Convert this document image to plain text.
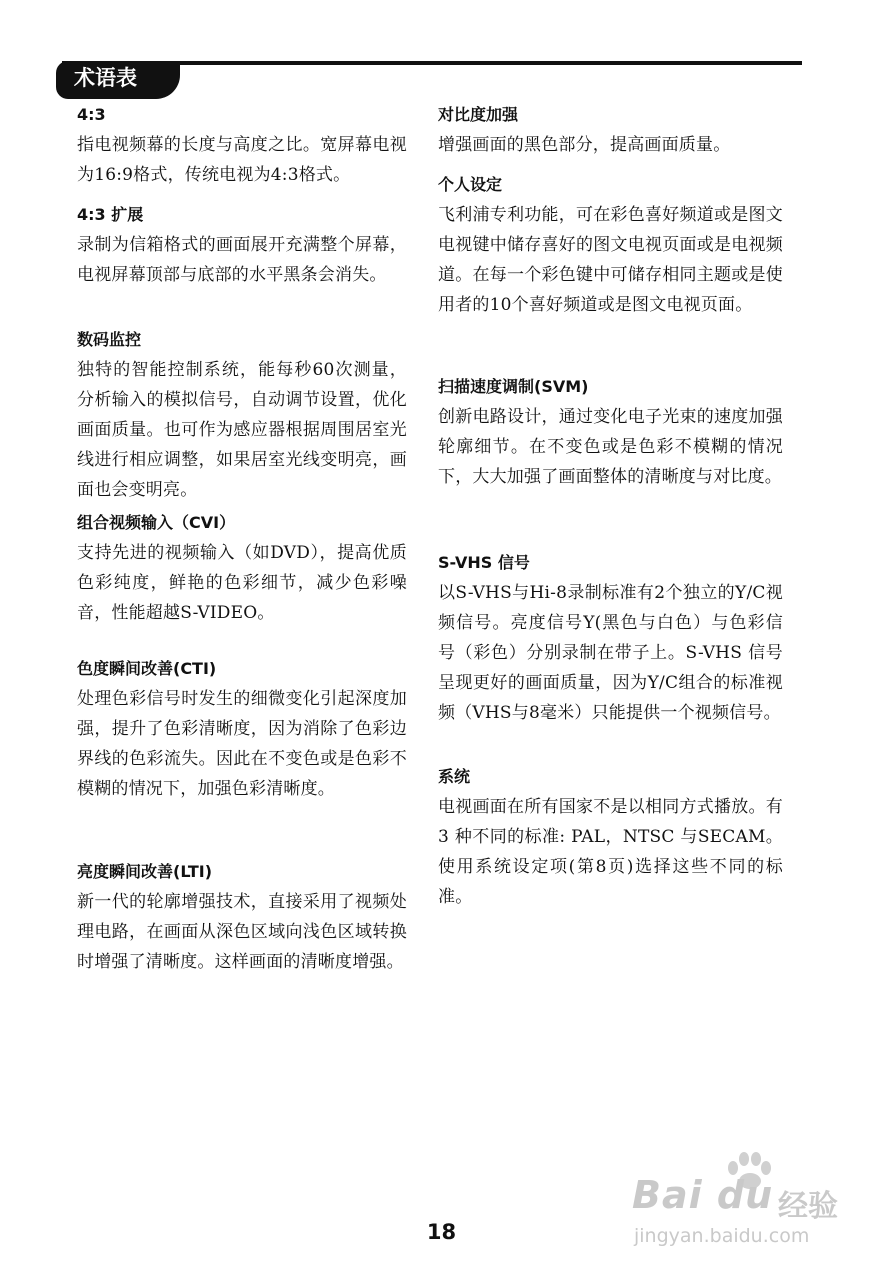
术语表
4:3

指电视频幕的长度与高度之比。宽屏幕电视为16:9格式，传统电视为4:3格式。

4:3 扩展

录制为信箱格式的画面展开充满整个屏幕，电视屏幕顶部与底部的水平黑条会消失。

数码监控

独特的智能控制系统，能每秒60次测量，分析输入的模拟信号，自动调节设置，优化画面质量。也可作为感应器根据周围居室光线进行相应调整，如果居室光线变明亮，画面也会变明亮。

组合视频输入（CVI）

支持先进的视频输入（如DVD），提高优质色彩纯度，鲜艳的色彩细节，减少色彩噪音，性能超越S-VIDEO。

色度瞬间改善(CTI)

处理色彩信号时发生的细微变化引起深度加强，提升了色彩清晰度，因为消除了色彩边界线的色彩流失。因此在不变色或是色彩不模糊的情况下，加强色彩清晰度。

亮度瞬间改善(LTI)

新一代的轮廓增强技术，直接采用了视频处理电路，在画面从深色区域向浅色区域转换时增强了清晰度。这样画面的清晰度增强。

对比度加强

增强画面的黑色部分，提高画面质量。

个人设定

飞利浦专利功能，可在彩色喜好频道或是图文电视键中储存喜好的图文电视页面或是电视频道。在每一个彩色键中可储存相同主题或是使用者的10个喜好频道或是图文电视页面。

扫描速度调制(SVM)

创新电路设计，通过变化电子光束的速度加强轮廓细节。在不变色或是色彩不模糊的情况下，大大加强了画面整体的清晰度与对比度。

S-VHS 信号

以S-VHS与Hi-8录制标准有2个独立的Y/C视频信号。亮度信号Y(黑色与白色）与色彩信号（彩色）分别录制在带子上。S-VHS 信号呈现更好的画面质量，因为Y/C组合的标准视频（VHS与8毫米）只能提供一个视频信号。

系统

电视画面在所有国家不是以相同方式播放。有3 种不同的标准: PAL，NTSC 与SECAM。使用系统设定项(第8页)选择这些不同的标准。

18
Bai du 经验
jingyan.baidu.com
